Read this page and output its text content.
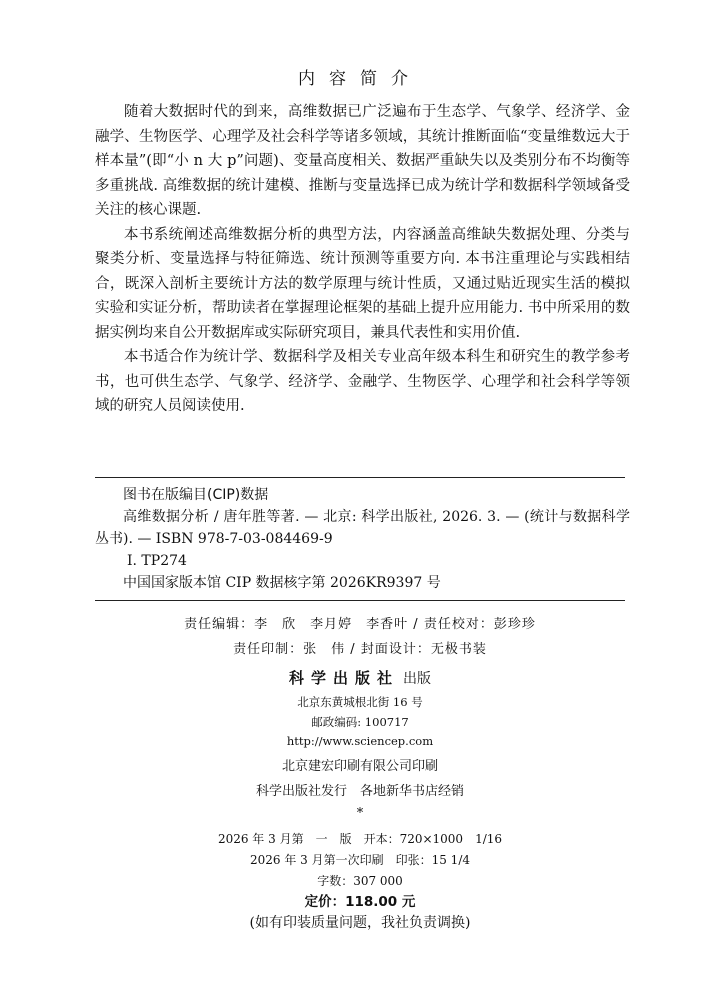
内容简介

随着大数据时代的到来，高维数据已广泛遍布于生态学、气象学、经济学、金融学、生物医学、心理学及社会科学等诸多领域，其统计推断面临“变量维数远大于样本量”(即“小 n 大 p”问题)、变量高度相关、数据严重缺失以及类别分布不均衡等多重挑战. 高维数据的统计建模、推断与变量选择已成为统计学和数据科学领域备受关注的核心课题.

本书系统阐述高维数据分析的典型方法，内容涵盖高维缺失数据处理、分类与聚类分析、变量选择与特征筛选、统计预测等重要方向. 本书注重理论与实践相结合，既深入剖析主要统计方法的数学原理与统计性质，又通过贴近现实生活的模拟实验和实证分析，帮助读者在掌握理论框架的基础上提升应用能力. 书中所采用的数据实例均来自公开数据库或实际研究项目，兼具代表性和实用价值.

本书适合作为统计学、数据科学及相关专业高年级本科生和研究生的教学参考书，也可供生态学、气象学、经济学、金融学、生物医学、心理学和社会科学等领域的研究人员阅读使用.

图书在版编目(CIP)数据
高维数据分析 / 唐年胜等著. — 北京: 科学出版社, 2026. 3. — (统计与数据科学丛书). — ISBN 978-7-03-084469-9
Ⅰ. TP274
中国国家版本馆 CIP 数据核字第 2026KR9397 号
责任编辑：李　欣　李月婷　李香叶 / 责任校对：彭珍珍
责任印制：张　伟 / 封面设计：无极书装
科学出版社 出版
北京东黄城根北街 16 号
邮政编码: 100717
http://www.sciencep.com
北京建宏印刷有限公司印刷
科学出版社发行　各地新华书店经销
*
2026 年 3 月第　一　版　开本：720×1000　1/16
2026 年 3 月第一次印刷　印张：15 1/4
字数：307 000
定价：118.00 元
(如有印装质量问题，我社负责调换)
